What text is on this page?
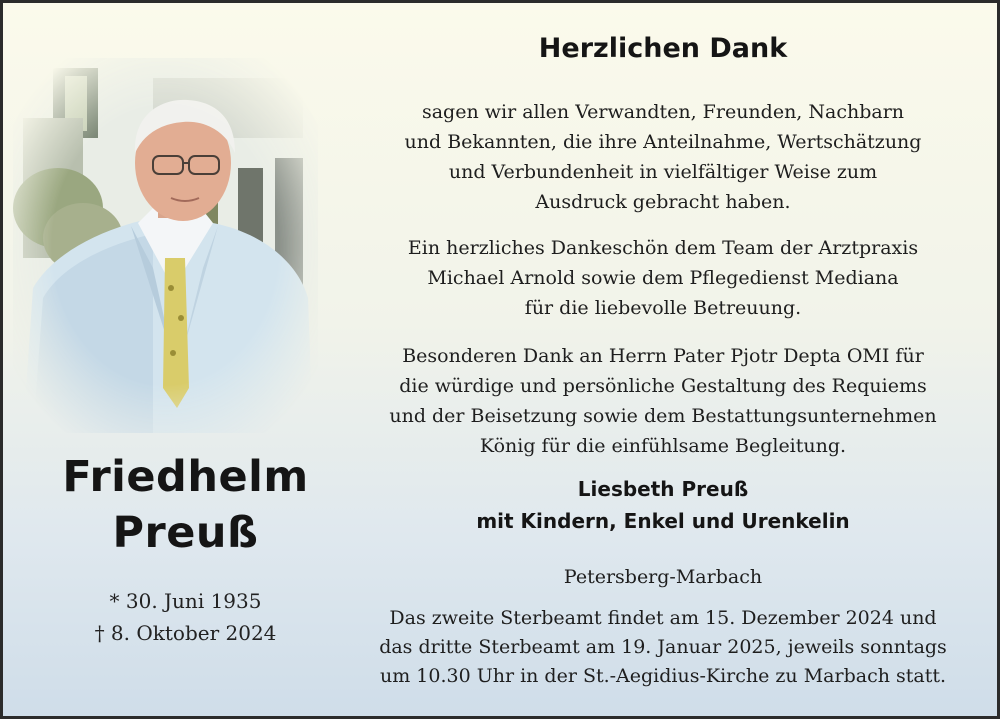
Friedhelm
Preuß
* 30. Juni 1935
† 8. Oktober 2024
Herzlichen Dank
sagen wir allen Verwandten, Freunden, Nachbarn
und Bekannten, die ihre Anteilnahme, Wertschätzung
und Verbundenheit in vielfältiger Weise zum
Ausdruck gebracht haben.
Ein herzliches Dankeschön dem Team der Arztpraxis
Michael Arnold sowie dem Pflegedienst Mediana
für die liebevolle Betreuung.
Besonderen Dank an Herrn Pater Pjotr Depta OMI für
die würdige und persönliche Gestaltung des Requiems
und der Beisetzung sowie dem Bestattungsunternehmen
König für die einfühlsame Begleitung.
Liesbeth Preuß
mit Kindern, Enkel und Urenkelin
Petersberg-Marbach
Das zweite Sterbeamt findet am 15. Dezember 2024 und
das dritte Sterbeamt am 19. Januar 2025, jeweils sonntags
um 10.30 Uhr in der St.-Aegidius-Kirche zu Marbach statt.
